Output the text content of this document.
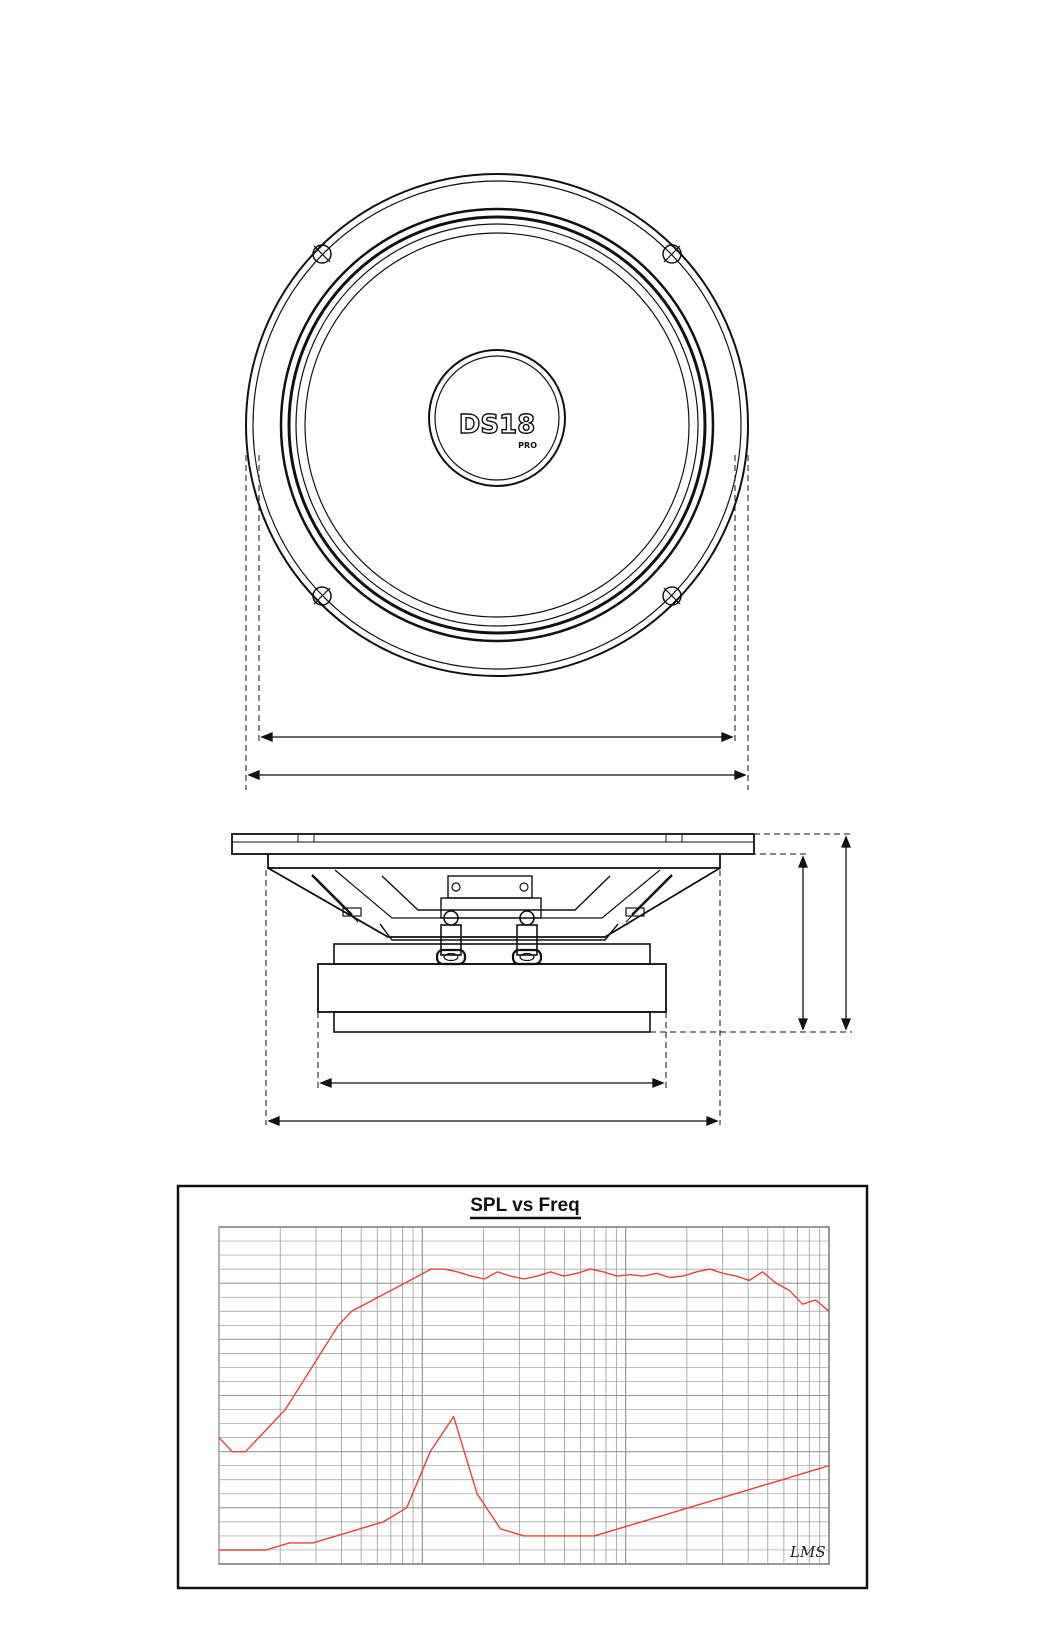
DS18
PRO
SPL vs Freq
LMS
